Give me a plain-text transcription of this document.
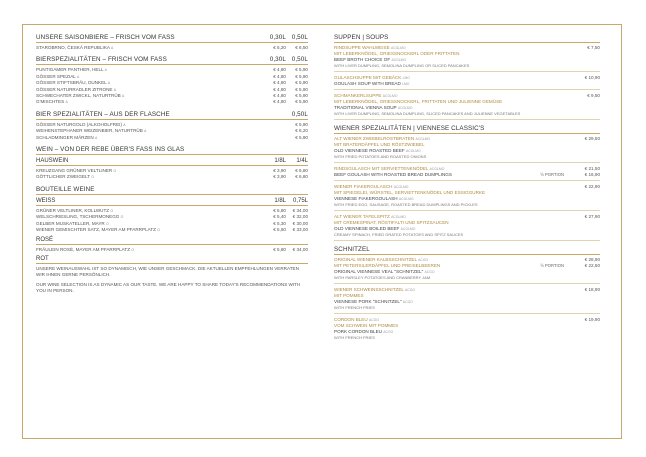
UNSERE SAISONBIERE – FRISCH VOM FASS	0,30L 0,50L
STAROBRNO, ČESKÁ REPUBLIKA A	€ 5,20	€ 6,50
BIERSPEZIALITÄTEN – FRISCH VOM FASS	0,30L 0,50L
PUNTIGAMER PANTHER, HELL A	€ 4,80	€ 5,90
GÖSSER SPEZIAL A	€ 4,80	€ 5,90
GÖSSER STIFTSBRÄU, DUNKEL A	€ 4,80	€ 5,90
GÖSSER NATURRADLER ZITRONE A	€ 4,80	€ 5,90
SCHWECHATER ZWICKL, NATURTRÜB A	€ 4,80	€ 5,90
G'MISCHTES A	€ 4,80	€ 5,90
BIER SPEZIALITÄTEN – AUS DER FLASCHE	0,50L
GÖSSER NATURGOLD (ALKOHOLFREI) A	€ 5,90
WEIHENSTEPHANER WEIZENBIER, NATURTRÜB A	€ 6,20
SCHLADMINGER MÄRZEN A	€ 5,90
WEIN – VON DER REBE ÜBER'S FASS INS GLAS
HAUSWEIN	1/8L	1/4L
KREUZGANG GRÜNER VELTLINER O	€ 3,90	€ 6,80
GÖTTLICHER ZWEIGELT O	€ 3,90	€ 6,80
BOUTEILLE WEINE
WEISS	1/8L	0,75L
GRÜNER VELTLINER, KOLLWUTZ O	€ 5,80	€ 34,00
WELSCHRIESLING, TSCHERMONEGG O	€ 5,40	€ 32,00
GELBER MUSKATELLER, MAYR O	€ 5,30	€ 30,00
WIENER GEMISCHTER SATZ, MAYER AM PFARRPLATZ O	€ 5,60	€ 33,00
ROSÉ
FRÄULEIN ROSÉ, MAYER AM PFARRPLATZ O	€ 5,80	€ 34,00
ROT
UNSERE WEINAUSWAHL IST SO DYNAMISCH, WIE UNSER GESCHMACK. DIE AKTUELLEN EMPFEHLUNGEN VERRATEN WIR IHNEN GERNE PERSÖNLICH.
OUR WINE SELECTION IS AS DYNAMIC AS OUR TASTE. WE ARE HAPPY TO SHARE TODAY'S RECOMMENDATIONS WITH YOU IN PERSON.
SUPPEN | SOUPS
RINDSUPPE WAHLWEISE ACGLMO	€ 7,50
MIT LEBERKNÖDEL, GRIESSNOCKERL ODER FRITTATEN
BEEF BROTH CHOICE OF ACGLMO
WITH LIVER DUMPLING, SEMOLINA DUMPLING OR SLICED PANCAKES
GULASCHSUPPE MIT GEBÄCK LMO	€ 10,90
GOULASH SOUP WITH BREAD LMO
SCHMANKERLSUPPE ACGLMO	€ 9,50
MIT LEBERKNÖDEL, GRIESSNOCKERL, FRITTATEN UND JULIENNE GEMÜSE
TRADITIONAL VIENNA SOUP ACGLMO
WITH LIVER DUMPLING, SEMOLINA DUMPLING, SLICED PANCAKES AND JULIENNE VEGETABLES
WIENER SPEZIALITÄTEN | VIENNESE CLASSIC'S
ALT WIENER ZWIEBELROSTBRATEN ACGLMO	€ 29,50
MIT BRATERDÄPFEL UND RÖSTZWIEBEL
OLD VIENNESE ROASTED BEEF ACGLMO
WITH FRIED POTATOES AND ROASTED ONIONS
RINDSGULASCH MIT SERVIETTENKNÖDEL ACGLMO	€ 21,50
BEEF GOULASH WITH ROASTED BREAD DUMPLINGS	½ PORTION	€ 16,90
WIENER FIAKERGULASCH ACGLMO	€ 22,90
MIT SPIEGELEI, WÜRSTEL, SERVIETTENKNÖDEL UND ESSIGGURKE
VIENNESE FIAKERGOULASH ACGLMO
WITH FRIED EGG, SAUSAGE, ROASTED BREAD DUMPLINGS AND PICKLES
ALT WIENER TAFELSPITZ ACGLMO	€ 27,90
MIT CREMESPINAT, RÖSTIFALTI UND SPITZSAUCEN
OLD VIENNESE BOILED BEEF ACGLMO
CREAMY SPINACH, FRIED GRATED POTATOES AND SPITZ SAUCES
SCHNITZEL
ORIGINAL WIENER KALBSSCHNITZEL ACGO	€ 28,90
MIT PETERSILERDÄPFEL UND PREISELBEEREN	½ PORTION	€ 22,50
ORIGINAL VIENNESE VEAL "SCHNITZEL" ACGO
WITH PARSLEY POTATOES AND CRANBERRY JAM
WIENER SCHWEINSSCHNITZEL ACGO	€ 18,90
MIT POMMES
VIENNESE PORK "SCHNITZEL" ACGO
WITH FRENCH FRIES
CORDON BLEU ACGO	€ 19,90
VOM SCHWEIN MIT POMMES
PORK CORDON BLEU ACGO
WITH FRENCH FRIES
